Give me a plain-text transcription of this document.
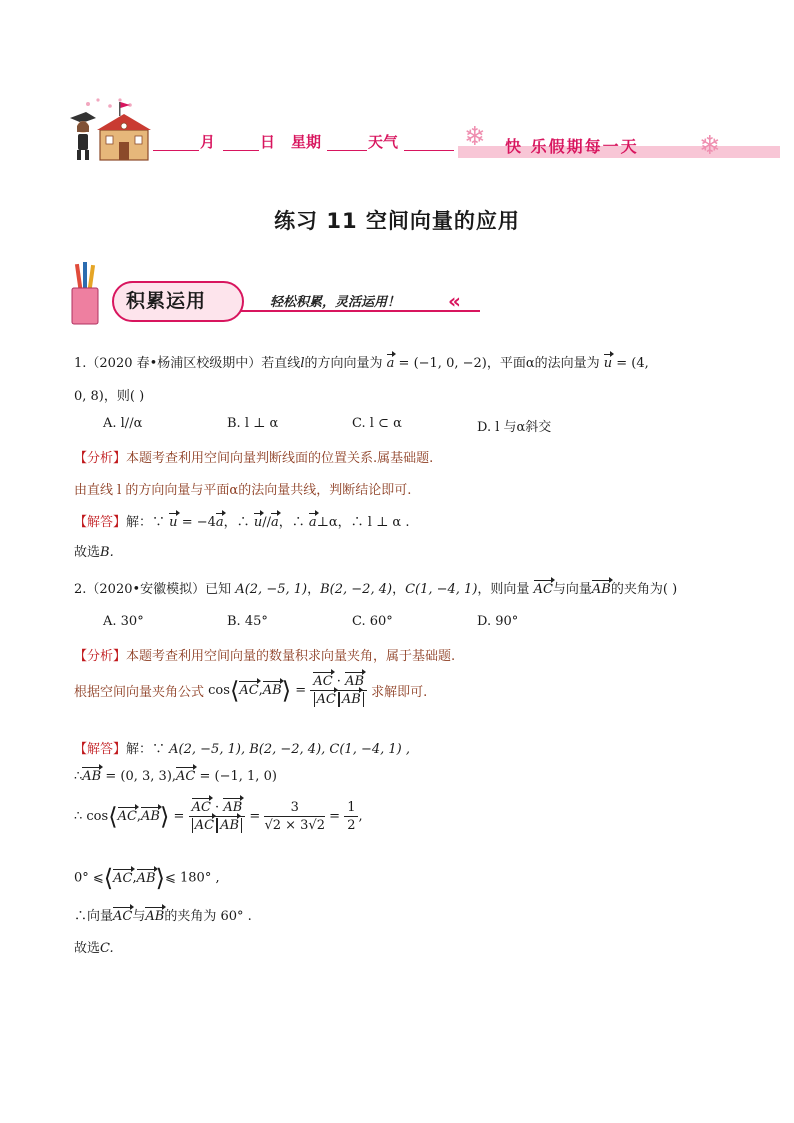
月	日 星期	天气	❄ 快 乐假期每一天 ❄
练习 11 空间向量的应用
积累运用	轻松积累，灵活运用！ «
1.（2020 春•杨浦区校级期中）若直线l的方向向量为 a = (−1, 0, −2)，平面α的法向量为 u = (4,
0, 8)，则( )
A. l//α	B. l ⊥ α	C. l ⊂ α	D. l 与α斜交
【分析】本题考查利用空间向量判断线面的位置关系.属基础题.
由直线 l 的方向向量与平面α的法向量共线，判断结论即可.
【解答】解：∵ u = −4a，∴ u//a，∴ a⊥α，∴ l ⊥ α .
故选B.
2.（2020•安徽模拟）已知 A(2, −5, 1)，B(2, −2, 4)，C(1, −4, 1)，则向量 AC与向量AB的夹角为( )
A. 30°	B. 45°	C. 60°	D. 90°
【分析】本题考查利用空间向量的数量积求向量夹角，属于基础题.
根据空间向量夹角公式 cos⟨AC,AB⟩ = $\frac{AC \cdot AB}{\text{AC AB}}$ 求解即可.
【解答】解：∵ A(2, −5, 1), B(2, −2, 4), C(1, −4, 1) ,
∴AB = (0, 3, 3),AC = (−1, 1, 0)
∴ cos⟨AC,AB⟩ = $\frac{AC \cdot AB}{\text{AC AB}} = \frac{3}{√2 \times 3√2} = \frac{1}{2}$ ,
0° ⩽⟨AC,AB⟩⩽ 180° ,
∴向量AC与AB的夹角为 60° .
故选C.
